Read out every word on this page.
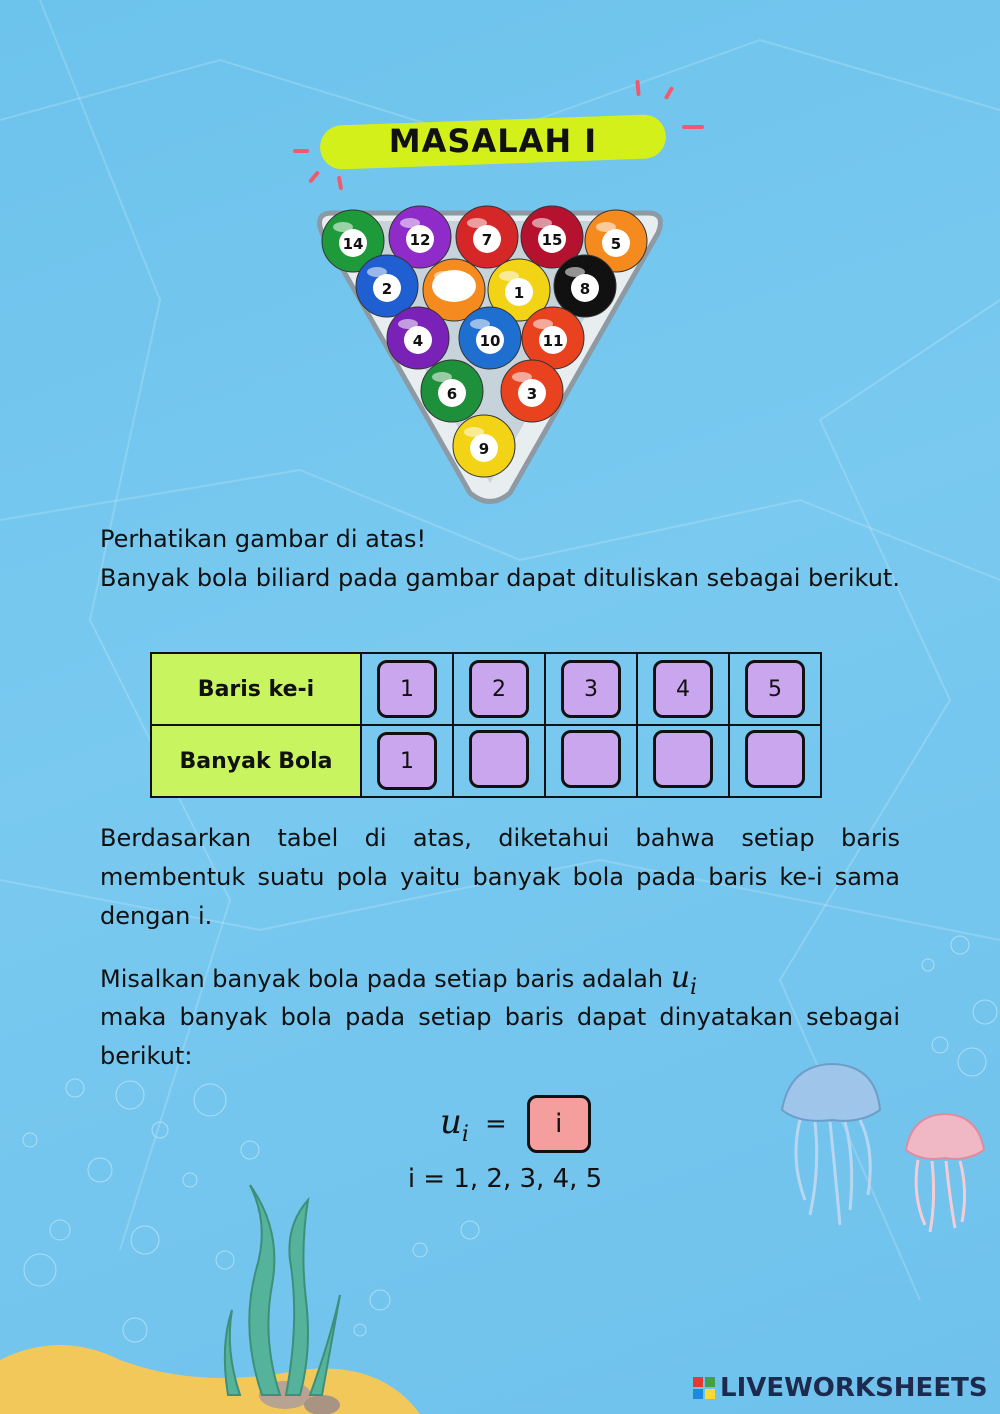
MASALAH I
14	12	7	15	5
2	1	8
4	10	11
6	3
9

Perhatikan gambar di atas!

Banyak bola biliard pada gambar dapat dituliskan sebagai berikut.

Baris ke-i	1	2	3	4	5
Banyak Bola	1				

Berdasarkan tabel di atas, diketahui bahwa setiap baris membentuk suatu pola yaitu banyak bola pada baris ke-i sama dengan i.

Misalkan banyak bola pada setiap baris adalah $u_i$

maka banyak bola pada setiap baris dapat dinyatakan sebagai berikut:

$u_i$ =	i
i = 1, 2, 3, 4, 5
LIVEWORKSHEETS
